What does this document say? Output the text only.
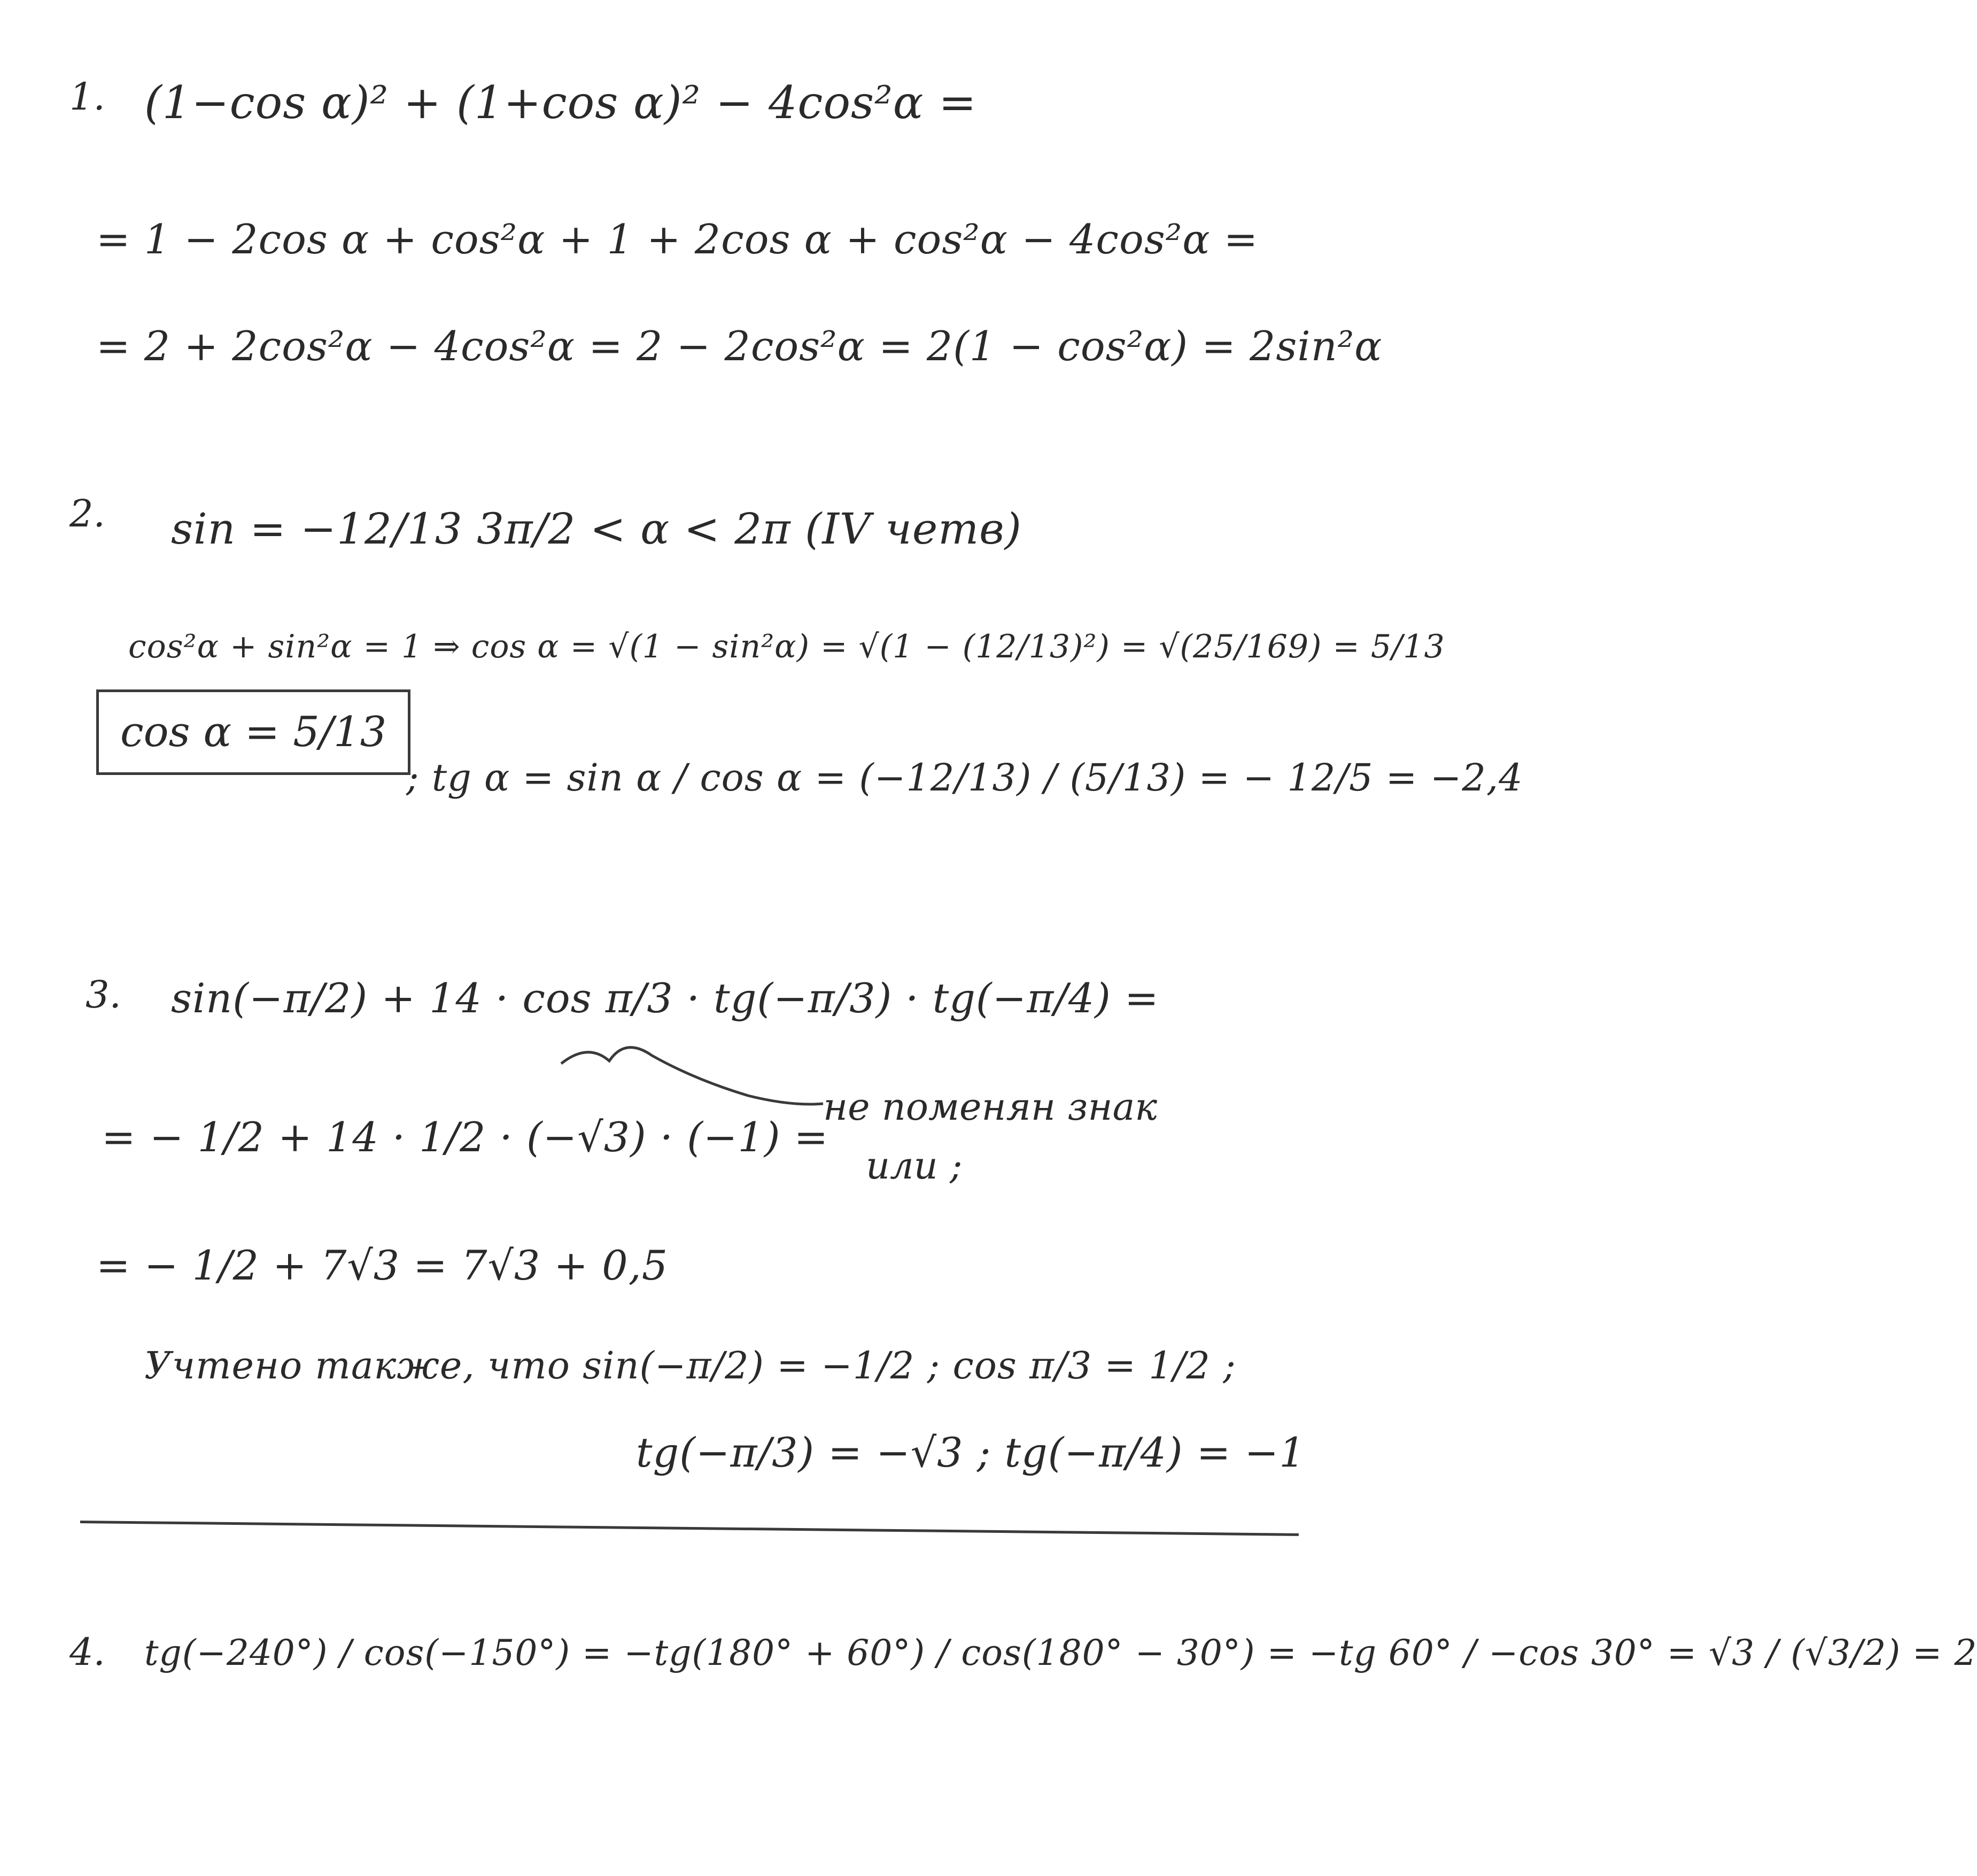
1. (1−cos α)² + (1+cos α)² − 4cos²α =
= 1 − 2cos α + cos²α + 1 + 2cos α + cos²α − 4cos²α =
= 2 + 2cos²α − 4cos²α = 2 − 2cos²α = 2(1 − cos²α) = 2sin²α
2. sin = −12/13 3π/2 < α < 2π (IV четв)
cos²α + sin²α = 1 ⇒ cos α = √(1 − sin²α) = √(1 − (12/13)²) = √(25/169) = 5/13
cos α = 5/13
; tg α = sin α / cos α = (−12/13) / (5/13) = − 12/5 = −2,4
3. sin(−π/2) + 14 · cos π/3 · tg(−π/3) · tg(−π/4) =
= − 1/2 + 14 · 1/2 · (−√3) · (−1) =
не поменян знак
или ;
= − 1/2 + 7√3 = 7√3 + 0,5
Учтено также, что sin(−π/2) = −1/2 ; cos π/3 = 1/2 ;
tg(−π/3) = −√3 ; tg(−π/4) = −1
4. tg(−240°) / cos(−150°) = −tg(180° + 60°) / cos(180° − 30°) = −tg 60° / −cos 30° = √3 / (√3/2) = 2
